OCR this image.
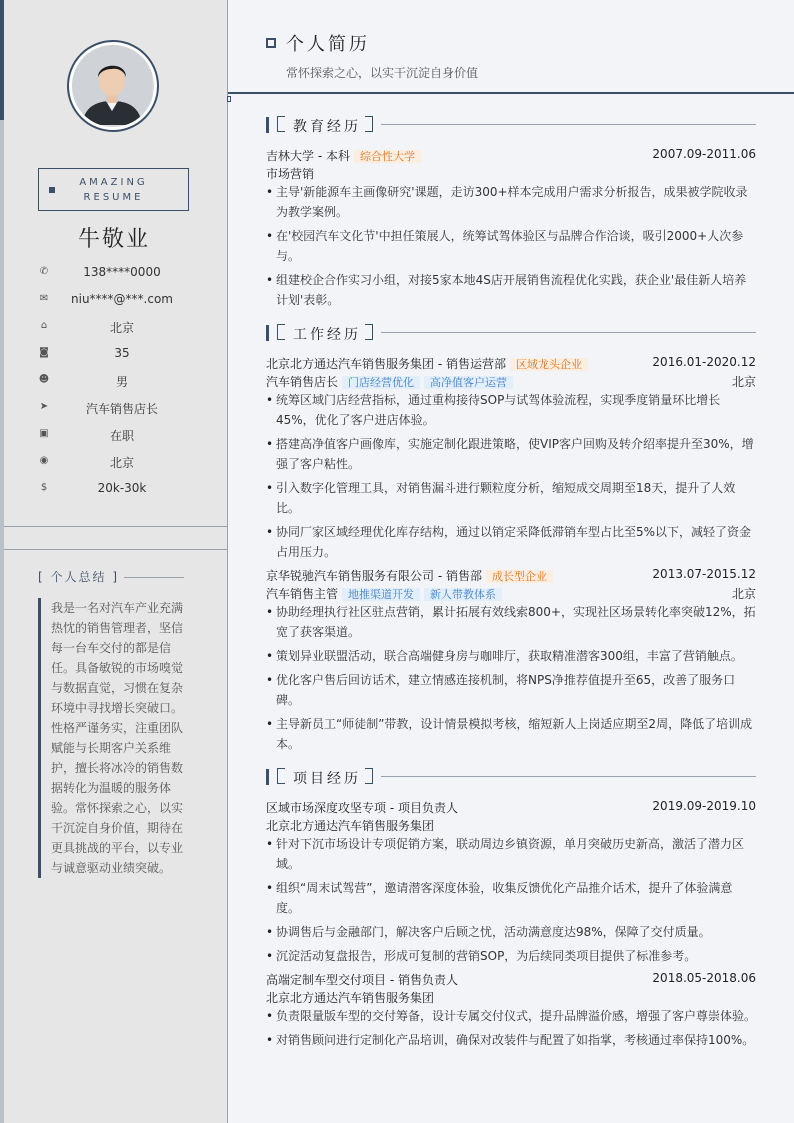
AMAZING RESUME
牛敬业
✆	138****0000
✉	niu****@***.com
⌂	北京
◙	35
☻	男
➤	汽车销售店长
▣	在职
◉	北京
$	20k-30k
[ 个人总结 ]
我是一名对汽车产业充满热忱的销售管理者，坚信每一台车交付的都是信任。具备敏锐的市场嗅觉与数据直觉，习惯在复杂环境中寻找增长突破口。性格严谨务实，注重团队赋能与长期客户关系维护，擅长将冰冷的销售数据转化为温暖的服务体验。常怀探索之心，以实干沉淀自身价值，期待在更具挑战的平台，以专业与诚意驱动业绩突破。
个人简历
常怀探索之心，以实干沉淀自身价值
教育经历
吉林大学 - 本科 综合性大学	2007.09-2011.06
市场营销
• 主导'新能源车主画像研究'课题，走访300+样本完成用户需求分析报告，成果被学院收录为教学案例。
• 在'校园汽车文化节'中担任策展人，统筹试驾体验区与品牌合作洽谈，吸引2000+人次参与。
• 组建校企合作实习小组，对接5家本地4S店开展销售流程优化实践，获企业'最佳新人培养计划'表彰。
工作经历
北京北方通达汽车销售服务集团 - 销售运营部 区域龙头企业	2016.01-2020.12
汽车销售店长 门店经营优化 高净值客户运营	北京
• 统筹区域门店经营指标，通过重构接待SOP与试驾体验流程，实现季度销量环比增长45%，优化了客户进店体验。
• 搭建高净值客户画像库，实施定制化跟进策略，使VIP客户回购及转介绍率提升至30%，增强了客户粘性。
• 引入数字化管理工具，对销售漏斗进行颗粒度分析，缩短成交周期至18天，提升了人效比。
• 协同厂家区域经理优化库存结构，通过以销定采降低滞销车型占比至5%以下，减轻了资金占用压力。
京华锐驰汽车销售服务有限公司 - 销售部 成长型企业	2013.07-2015.12
汽车销售主管 地推渠道开发 新人带教体系	北京
• 协助经理执行社区驻点营销，累计拓展有效线索800+，实现社区场景转化率突破12%，拓宽了获客渠道。
• 策划异业联盟活动，联合高端健身房与咖啡厅，获取精准潜客300组，丰富了营销触点。
• 优化客户售后回访话术，建立情感连接机制，将NPS净推荐值提升至65，改善了服务口碑。
• 主导新员工“师徒制”带教，设计情景模拟考核，缩短新人上岗适应期至2周，降低了培训成本。
项目经历
区域市场深度攻坚专项 - 项目负责人	2019.09-2019.10
北京北方通达汽车销售服务集团
• 针对下沉市场设计专项促销方案，联动周边乡镇资源，单月突破历史新高，激活了潜力区域。
• 组织“周末试驾营”，邀请潜客深度体验，收集反馈优化产品推介话术，提升了体验满意度。
• 协调售后与金融部门，解决客户后顾之忧，活动满意度达98%，保障了交付质量。
• 沉淀活动复盘报告，形成可复制的营销SOP，为后续同类项目提供了标准参考。
高端定制车型交付项目 - 销售负责人	2018.05-2018.06
北京北方通达汽车销售服务集团
• 负责限量版车型的交付筹备，设计专属交付仪式，提升品牌溢价感，增强了客户尊崇体验。
• 对销售顾问进行定制化产品培训，确保对改装件与配置了如指掌，考核通过率保持100%。
